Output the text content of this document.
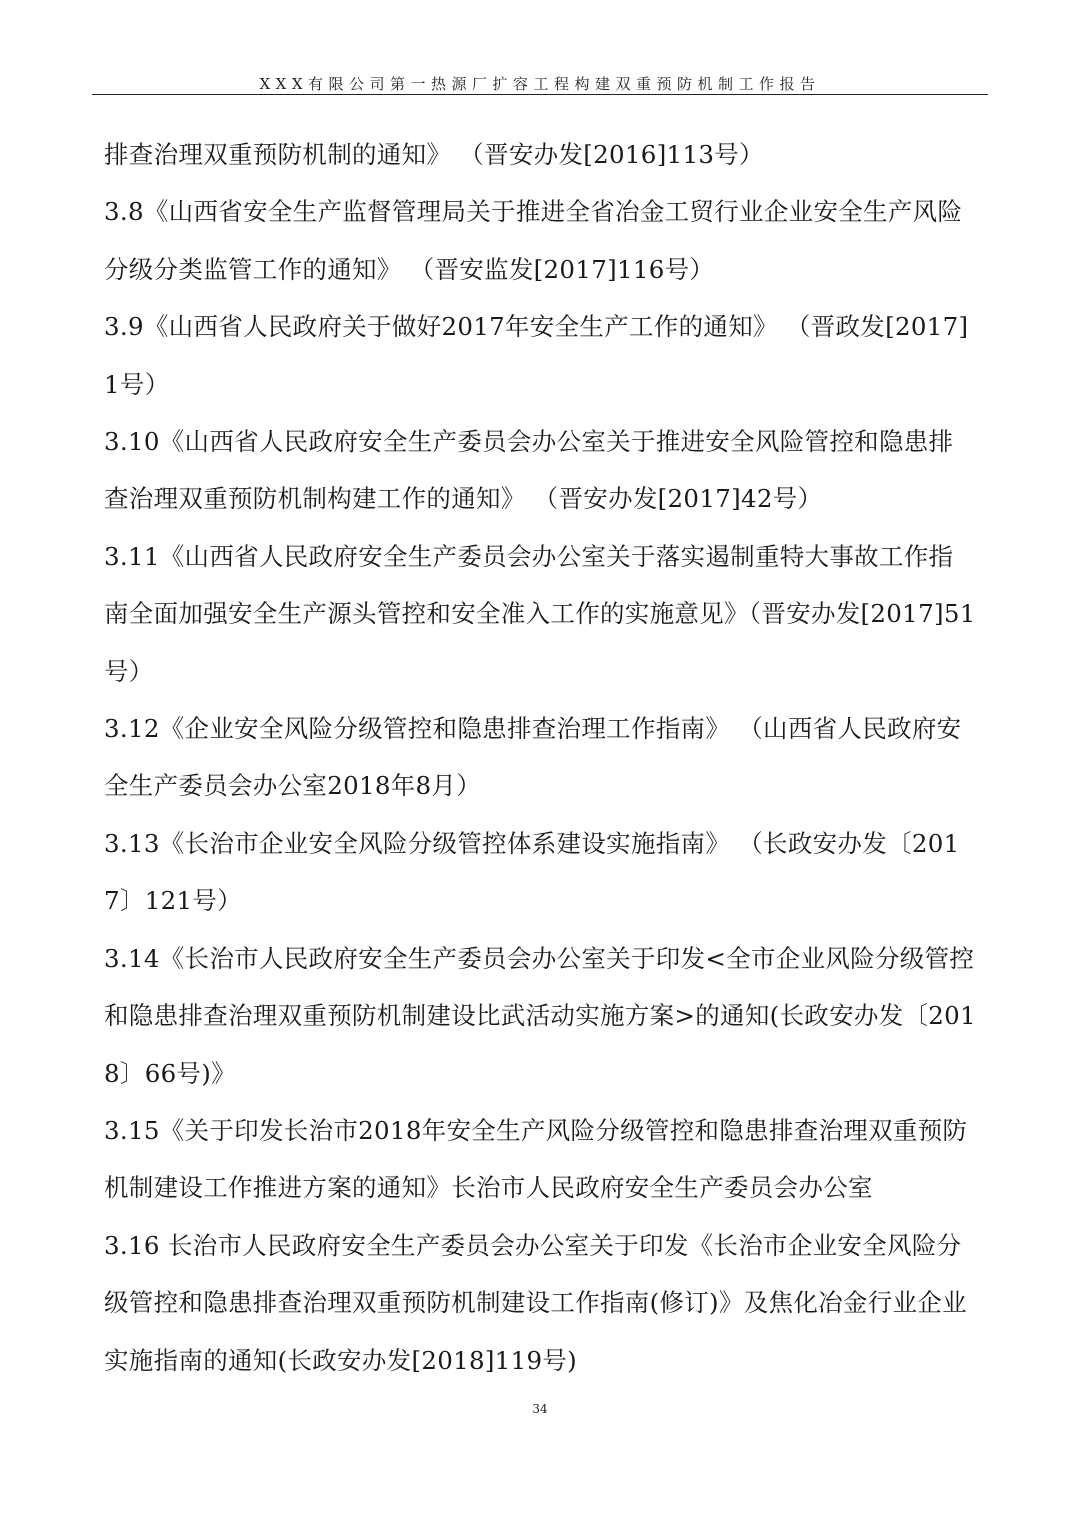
XXX有限公司第一热源厂扩容工程构建双重预防机制工作报告

排查治理双重预防机制的通知》 （晋安办发[2016]113号）

3.8《山西省安全生产监督管理局关于推进全省冶金工贸行业企业安全生产风险分级分类监管工作的通知》 （晋安监发[2017]116号）

3.9《山西省人民政府关于做好2017年安全生产工作的通知》 （晋政发[2017]1号）

3.10《山西省人民政府安全生产委员会办公室关于推进安全风险管控和隐患排查治理双重预防机制构建工作的通知》 （晋安办发[2017]42号）

3.11《山西省人民政府安全生产委员会办公室关于落实遏制重特大事故工作指南全面加强安全生产源头管控和安全准入工作的实施意见》（晋安办发[2017]51号）

3.12《企业安全风险分级管控和隐患排查治理工作指南》 （山西省人民政府安全生产委员会办公室2018年8月）

3.13《长治市企业安全风险分级管控体系建设实施指南》 （长政安办发〔2017〕121号）

3.14《长治市人民政府安全生产委员会办公室关于印发<全市企业风险分级管控和隐患排查治理双重预防机制建设比武活动实施方案>的通知(长政安办发〔2018〕66号)》

3.15《关于印发长治市2018年安全生产风险分级管控和隐患排查治理双重预防机制建设工作推进方案的通知》长治市人民政府安全生产委员会办公室

3.16 长治市人民政府安全生产委员会办公室关于印发《长治市企业安全风险分级管控和隐患排查治理双重预防机制建设工作指南(修订)》及焦化冶金行业企业实施指南的通知(长政安办发[2018]119号)

34
